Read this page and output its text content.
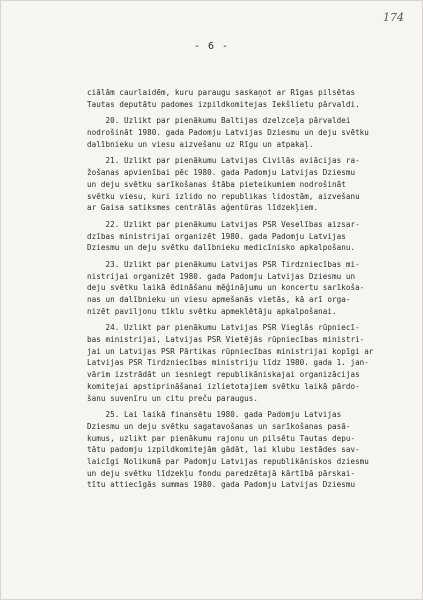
174
- 6 -
ciālām caurlaidēm, kuru paraugu saskaņot ar Rīgas pilsētas
Tautas deputātu padomes izpildkomitejas Iekšlietu pārvaldi.
20. Uzlikt par pienākumu Baltijas dzelzceļa pārvaldei
nodrošināt 1980. gada Padomju Latvijas Dziesmu un deju svētku
dalībnieku un viesu aizvešanu uz Rīgu un atpakaļ.
21. Uzlikt par pienākumu Latvijas Civilās aviācijas ra-
žošanas apvienībai pēc 1980. gada Padomju Latvijas Dziesmu
un deju svētku sarīkošanas štāba pieteikumiem nodrošināt
svētku viesu, kuri izlido no republikas lidostām, aizvešanu
ar Gaisa satiksmes centrālās aģentūras līdzekļiem.
22. Uzlikt par pienākumu Latvijas PSR Veselības aizsar-
dzības ministrijai organizēt 1980. gada Padomju Latvijas
Dziesmu un deju svētku dalībnieku medicīnisko apkalpošanu.
23. Uzlikt par pienākumu Latvijas PSR Tirdzniecības mi-
nistrijai organizēt 1980. gada Padomju Latvijas Dziesmu un
deju svētku laikā ēdināšanu mēģinājumu un koncertu sarīkoša-
nas un dalībnieku un viesu apmešanās vietās, kā arī orga-
nizēt paviljonu tīklu svētku apmeklētāju apkalpošanai.
24. Uzlikt par pienākumu Latvijas PSR Vieglās rūpniecī-
bas ministrijai, Latvijas PSR Vietējās rūpniecības ministri-
jai un Latvijas PSR Pārtikas rūpniecības ministrijai kopīgi ar
Latvijas PSR Tirdzniecības ministriju līdz 1980. gada 1. jan-
vārim izstrādāt un iesniegt republikāniskajai organizācijas
komitejai apstiprināšanai izlietotajiem svētku laikā pārdo-
šanu suvenīru un citu preču paraugus.
25. Lai laikā finansētu 1980. gada Padomju Latvijas
Dziesmu un deju svētku sagatavošanas un sarīkošanas pasā-
kumus, uzlikt par pienākumu rajonu un pilsētu Tautas depu-
tātu padomju izpildkomitejām gādāt, lai klubu iestādes sav-
laicīgi Nolikumā par Padomju Latvijas republikāniskos dziesmu
un deju svētku līdzekļu fondu paredzētajā kārtībā pārskai-
tītu attiecīgās summas 1980. gada Padomju Latvijas Dziesmu
